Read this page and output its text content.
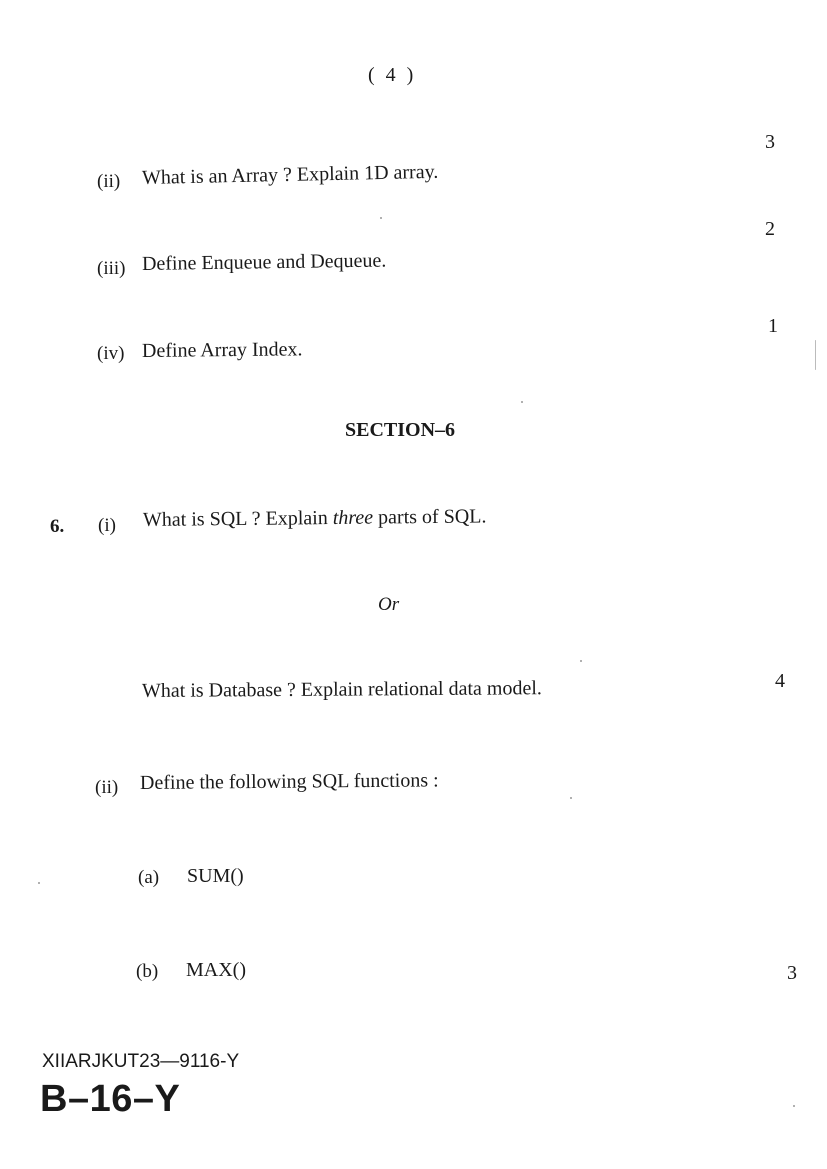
( 4 )
3
(ii) What is an Array ? Explain 1D array.
2
(iii) Define Enqueue and Dequeue.
1
(iv) Define Array Index.
SECTION–6
6. (i) What is SQL ? Explain three parts of SQL.
Or
4
What is Database ? Explain relational data model.
(ii) Define the following SQL functions :
(a) SUM()
(b) MAX()	3
XIIARJKUT23—9116-Y
B–16–Y
